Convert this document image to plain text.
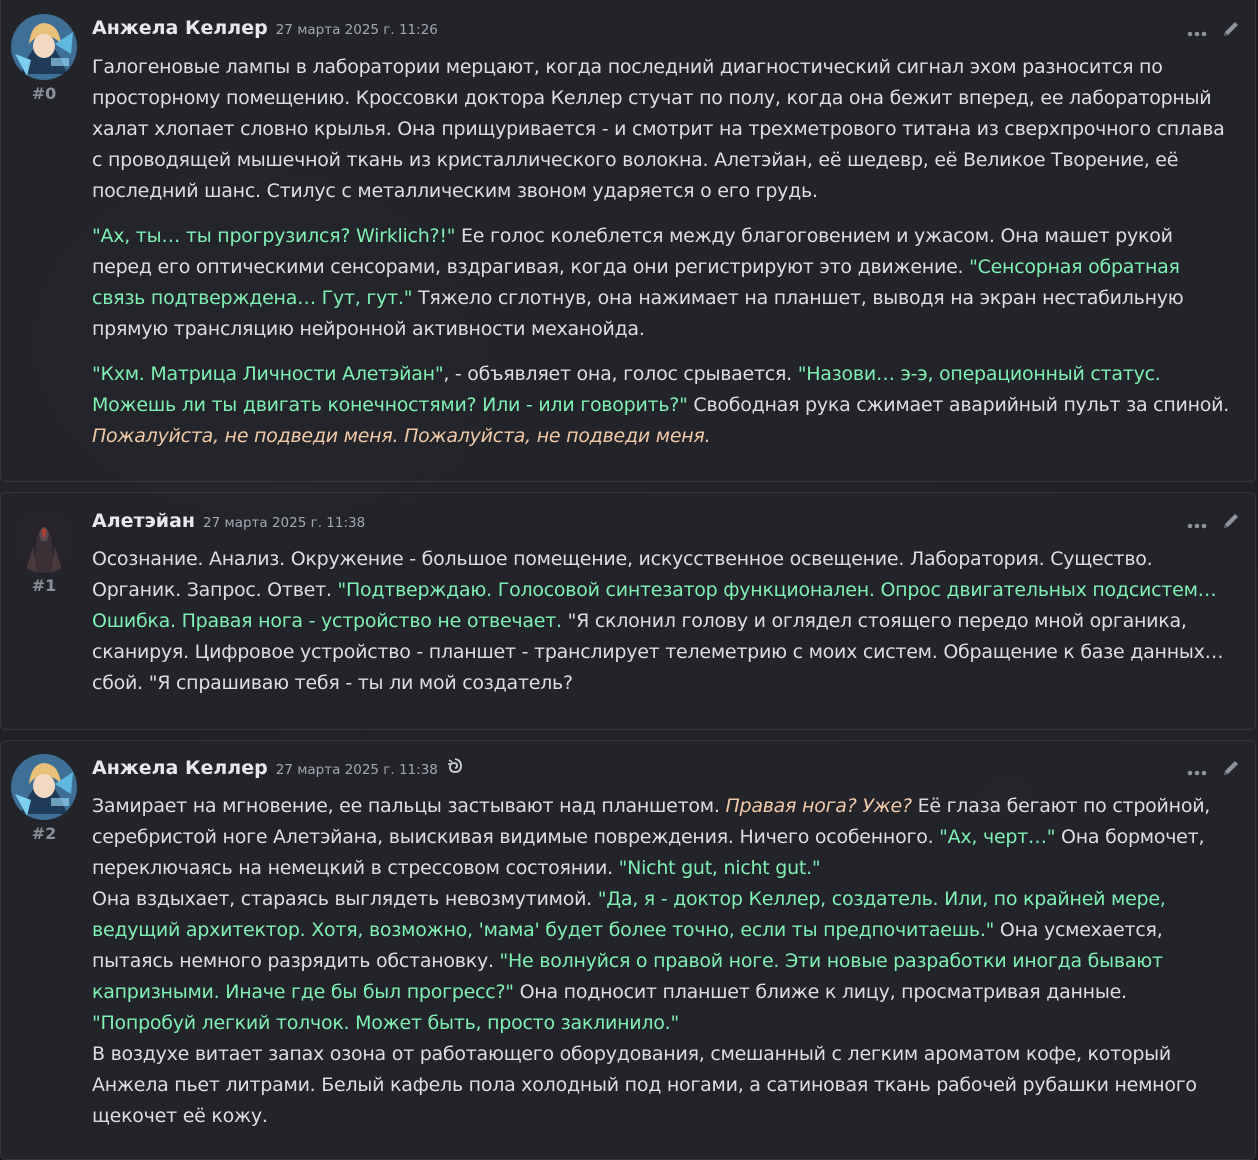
#0
Анжела Келлер 27 марта 2025 г. 11:26

Галогеновые лампы в лаборатории мерцают, когда последний диагностический сигнал эхом разносится по просторному помещению. Кроссовки доктора Келлер стучат по полу, когда она бежит вперед, ее лабораторный халат хлопает словно крылья. Она прищуривается - и смотрит на трехметрового титана из сверхпрочного сплава с проводящей мышечной ткань из кристаллического волокна. Алетэйан, её шедевр, её Великое Творение, её последний шанс. Стилус с металлическим звоном ударяется о его грудь.

"Ах, ты… ты прогрузился? Wirklich?!" Ее голос колеблется между благоговением и ужасом. Она машет рукой перед его оптическими сенсорами, вздрагивая, когда они регистрируют это движение. "Сенсорная обратная связь подтверждена… Гут, гут." Тяжело сглотнув, она нажимает на планшет, выводя на экран нестабильную прямую трансляцию нейронной активности механойда.

"Кхм. Матрица Личности Алетэйан", - объявляет она, голос срывается. "Назови… э-э, операционный статус. Можешь ли ты двигать конечностями? Или - или говорить?" Свободная рука сжимает аварийный пульт за спиной. Пожалуйста, не подведи меня. Пожалуйста, не подведи меня.

#1
Алетэйан 27 марта 2025 г. 11:38

Осознание. Анализ. Окружение - большое помещение, искусственное освещение. Лаборатория. Существо. Органик. Запрос. Ответ. "Подтверждаю. Голосовой синтезатор функционален. Опрос двигательных подсистем… Ошибка. Правая нога - устройство не отвечает. "Я склонил голову и оглядел стоящего передо мной органика, сканируя. Цифровое устройство - планшет - транслирует телеметрию с моих систем. Обращение к базе данных… сбой. "Я спрашиваю тебя - ты ли мой создатель?

#2
Анжела Келлер 27 марта 2025 г. 11:38

Замирает на мгновение, ее пальцы застывают над планшетом. Правая нога? Уже? Её глаза бегают по стройной, серебристой ноге Алетэйана, выискивая видимые повреждения. Ничего особенного. "Ах, черт…" Она бормочет, переключаясь на немецкий в стрессовом состоянии. "Nicht gut, nicht gut."

Она вздыхает, стараясь выглядеть невозмутимой. "Да, я - доктор Келлер, создатель. Или, по крайней мере, ведущий архитектор. Хотя, возможно, 'мама' будет более точно, если ты предпочитаешь." Она усмехается, пытаясь немного разрядить обстановку. "Не волнуйся о правой ноге. Эти новые разработки иногда бывают капризными. Иначе где бы был прогресс?" Она подносит планшет ближе к лицу, просматривая данные. "Попробуй легкий толчок. Может быть, просто заклинило."

В воздухе витает запах озона от работающего оборудования, смешанный с легким ароматом кофе, который Анжела пьет литрами. Белый кафель пола холодный под ногами, а сатиновая ткань рабочей рубашки немного щекочет её кожу.
